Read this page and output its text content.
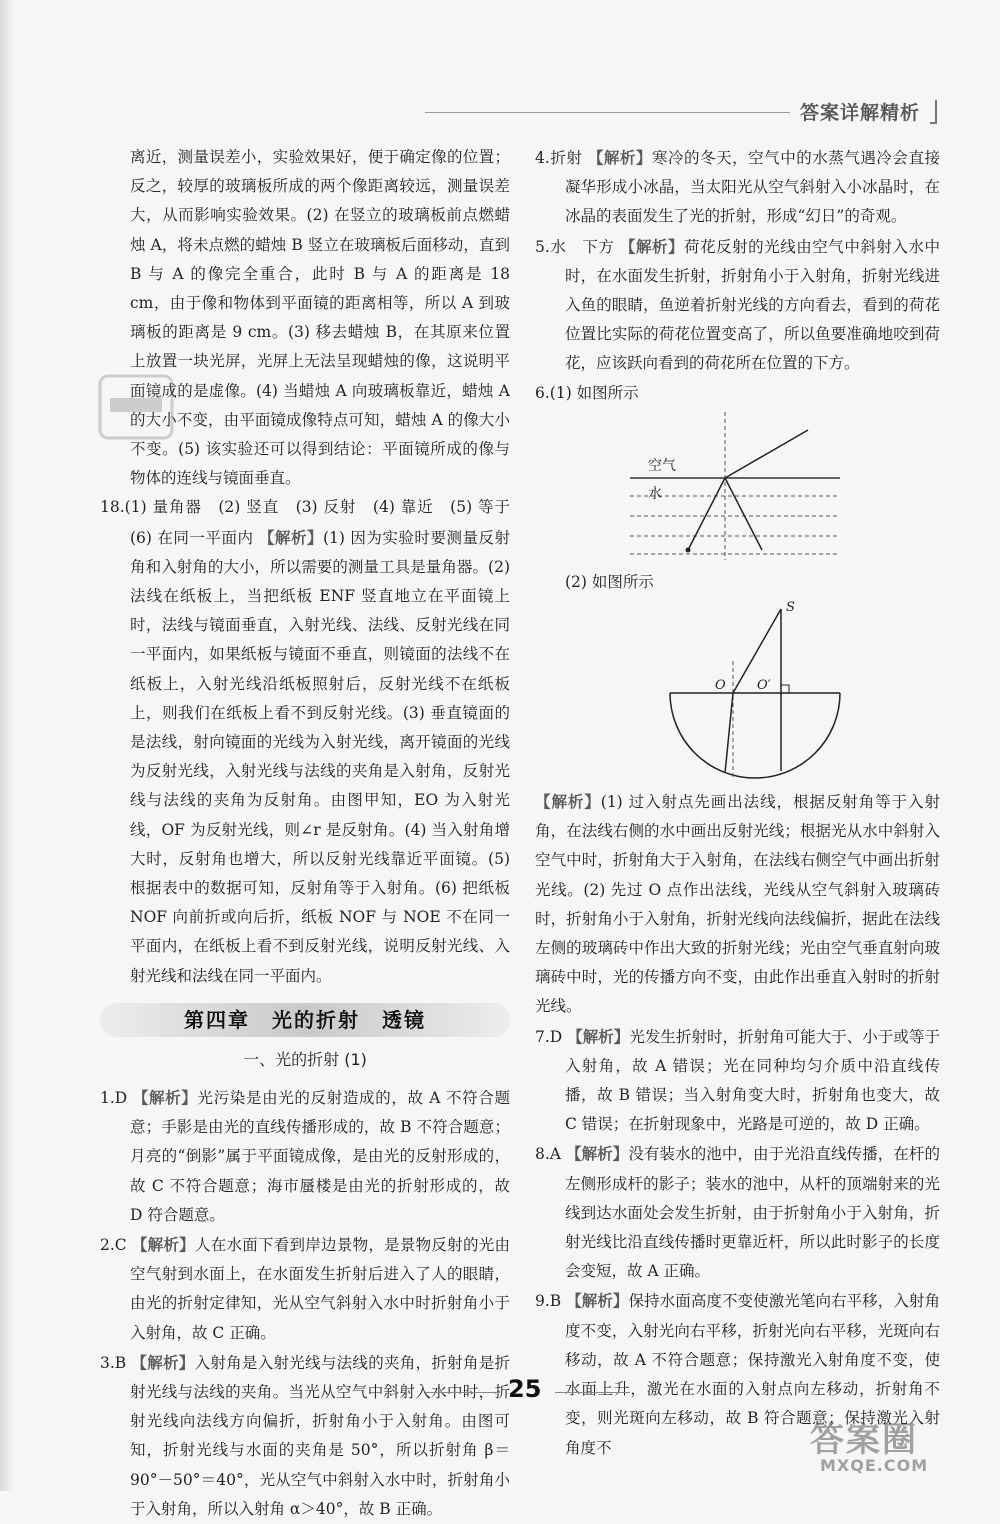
答案详解精析

离近，测量误差小，实验效果好，便于确定像的位置；反之，较厚的玻璃板所成的两个像距离较远，测量误差大，从而影响实验效果。(2) 在竖立的玻璃板前点燃蜡烛 A，将未点燃的蜡烛 B 竖立在玻璃板后面移动，直到 B 与 A 的像完全重合，此时 B 与 A 的距离是 18 cm，由于像和物体到平面镜的距离相等，所以 A 到玻璃板的距离是 9 cm。(3) 移去蜡烛 B，在其原来位置上放置一块光屏，光屏上无法呈现蜡烛的像，这说明平面镜成的是虚像。(4) 当蜡烛 A 向玻璃板靠近，蜡烛 A 的大小不变，由平面镜成像特点可知，蜡烛 A 的像大小不变。(5) 该实验还可以得到结论：平面镜所成的像与物体的连线与镜面垂直。

18.(1) 量角器　(2) 竖直　(3) 反射　(4) 靠近　(5) 等于　(6) 在同一平面内 【解析】(1) 因为实验时要测量反射角和入射角的大小，所以需要的测量工具是量角器。(2) 法线在纸板上，当把纸板 ENF 竖直地立在平面镜上时，法线与镜面垂直，入射光线、法线、反射光线在同一平面内，如果纸板与镜面不垂直，则镜面的法线不在纸板上，入射光线沿纸板照射后，反射光线不在纸板上，则我们在纸板上看不到反射光线。(3) 垂直镜面的是法线，射向镜面的光线为入射光线，离开镜面的光线为反射光线，入射光线与法线的夹角是入射角，反射光线与法线的夹角为反射角。由图甲知，EO 为入射光线，OF 为反射光线，则∠r 是反射角。(4) 当入射角增大时，反射角也增大，所以反射光线靠近平面镜。(5) 根据表中的数据可知，反射角等于入射角。(6) 把纸板 NOF 向前折或向后折，纸板 NOF 与 NOE 不在同一平面内，在纸板上看不到反射光线，说明反射光线、入射光线和法线在同一平面内。

第四章　光的折射　透镜
一、光的折射 (1)

1.D 【解析】光污染是由光的反射造成的，故 A 不符合题意；手影是由光的直线传播形成的，故 B 不符合题意；月亮的“倒影”属于平面镜成像，是由光的反射形成的，故 C 不符合题意；海市蜃楼是由光的折射形成的，故 D 符合题意。

2.C 【解析】人在水面下看到岸边景物，是景物反射的光由空气射到水面上，在水面发生折射后进入了人的眼睛，由光的折射定律知，光从空气斜射入水中时折射角小于入射角，故 C 正确。

3.B 【解析】入射角是入射光线与法线的夹角，折射角是折射光线与法线的夹角。当光从空气中斜射入水中时，折射光线向法线方向偏折，折射角小于入射角。由图可知，折射光线与水面的夹角是 50°，所以折射角 β＝90°－50°＝40°，光从空气中斜射入水中时，折射角小于入射角，所以入射角 α＞40°，故 B 正确。

4.折射 【解析】寒冷的冬天，空气中的水蒸气遇冷会直接凝华形成小冰晶，当太阳光从空气斜射入小冰晶时，在冰晶的表面发生了光的折射，形成“幻日”的奇观。

5.水　下方 【解析】荷花反射的光线由空气中斜射入水中时，在水面发生折射，折射角小于入射角，折射光线进入鱼的眼睛，鱼逆着折射光线的方向看去，看到的荷花位置比实际的荷花位置变高了，所以鱼要准确地咬到荷花，应该跃向看到的荷花所在位置的下方。

6.(1) 如图所示

空气
水

(2) 如图所示

S
O O′

【解析】(1) 过入射点先画出法线，根据反射角等于入射角，在法线右侧的水中画出反射光线；根据光从水中斜射入空气中时，折射角大于入射角，在法线右侧空气中画出折射光线。(2) 先过 O 点作出法线，光线从空气斜射入玻璃砖时，折射角小于入射角，折射光线向法线偏折，据此在法线左侧的玻璃砖中作出大致的折射光线；光由空气垂直射向玻璃砖中时，光的传播方向不变，由此作出垂直入射时的折射光线。

7.D 【解析】光发生折射时，折射角可能大于、小于或等于入射角，故 A 错误；光在同种均匀介质中沿直线传播，故 B 错误；当入射角变大时，折射角也变大，故 C 错误；在折射现象中，光路是可逆的，故 D 正确。

8.A 【解析】没有装水的池中，由于光沿直线传播，在杆的左侧形成杆的影子；装水的池中，从杆的顶端射来的光线到达水面处会发生折射，由于折射角小于入射角，折射光线比沿直线传播时更靠近杆，所以此时影子的长度会变短，故 A 正确。

9.B 【解析】保持水面高度不变使激光笔向右平移，入射角度不变，入射光向右平移，折射光向右平移，光斑向右移动，故 A 不符合题意；保持激光入射角度不变，使水面上升，激光在水面的入射点向左移动，折射角不变，则光斑向左移动，故 B 符合题意；保持激光入射角度不

25
答案圈
MXQE.COM
